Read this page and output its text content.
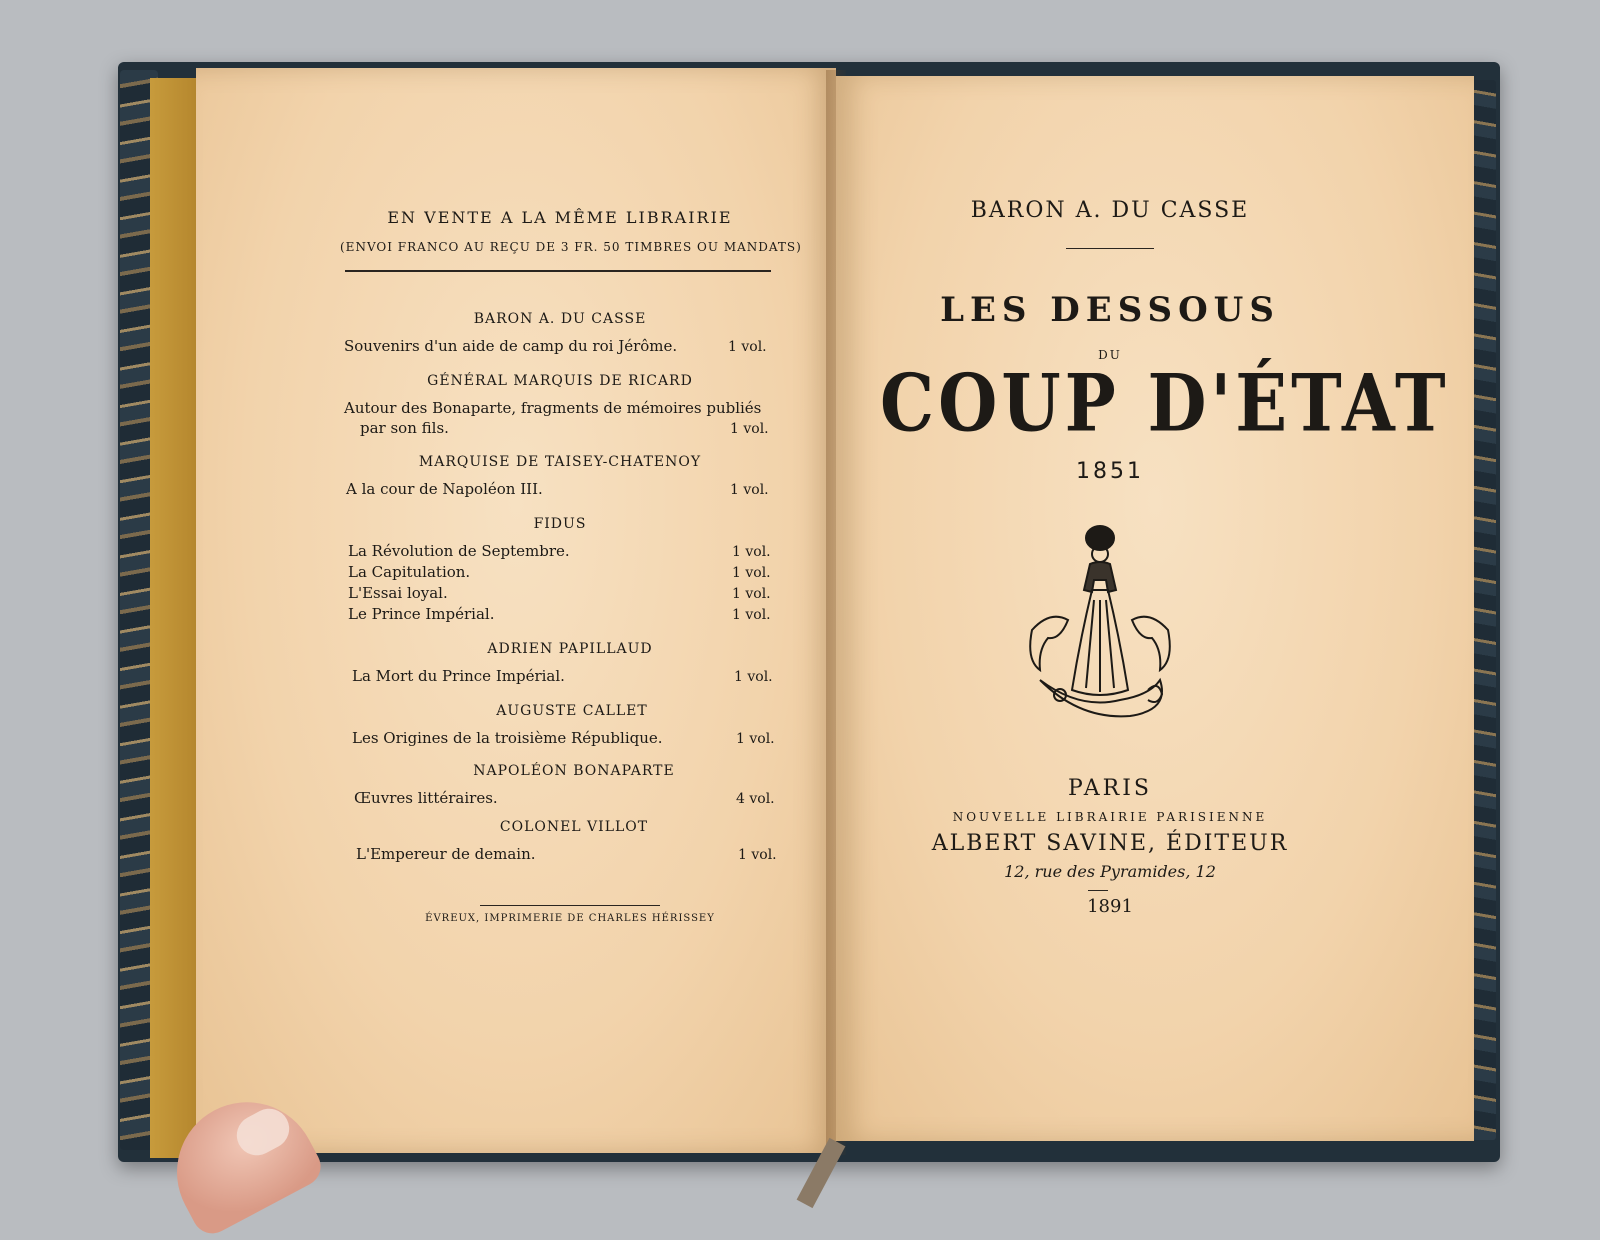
EN VENTE A LA MÊME LIBRAIRIE
(ENVOI FRANCO AU REÇU DE 3 FR. 50 TIMBRES OU MANDATS)
BARON A. DU CASSE
Souvenirs d'un aide de camp du roi Jérôme.	1 vol.
GÉNÉRAL MARQUIS DE RICARD
Autour des Bonaparte, fragments de mémoires publiés
par son fils.	1 vol.
MARQUISE DE TAISEY-CHATENOY
A la cour de Napoléon III.	1 vol.
FIDUS
La Révolution de Septembre.	1 vol.
La Capitulation.	1 vol.
L'Essai loyal.	1 vol.
Le Prince Impérial.	1 vol.
ADRIEN PAPILLAUD
La Mort du Prince Impérial.	1 vol.
AUGUSTE CALLET
Les Origines de la troisième République.	1 vol.
NAPOLÉON BONAPARTE
Œuvres littéraires.	4 vol.
COLONEL VILLOT
L'Empereur de demain.	1 vol.
ÉVREUX, IMPRIMERIE DE CHARLES HÉRISSEY
BARON A. DU CASSE
LES DESSOUS
DU
COUP D'ÉTAT
1851
PARIS
NOUVELLE LIBRAIRIE PARISIENNE
ALBERT SAVINE, ÉDITEUR
12, rue des Pyramides, 12
1891
